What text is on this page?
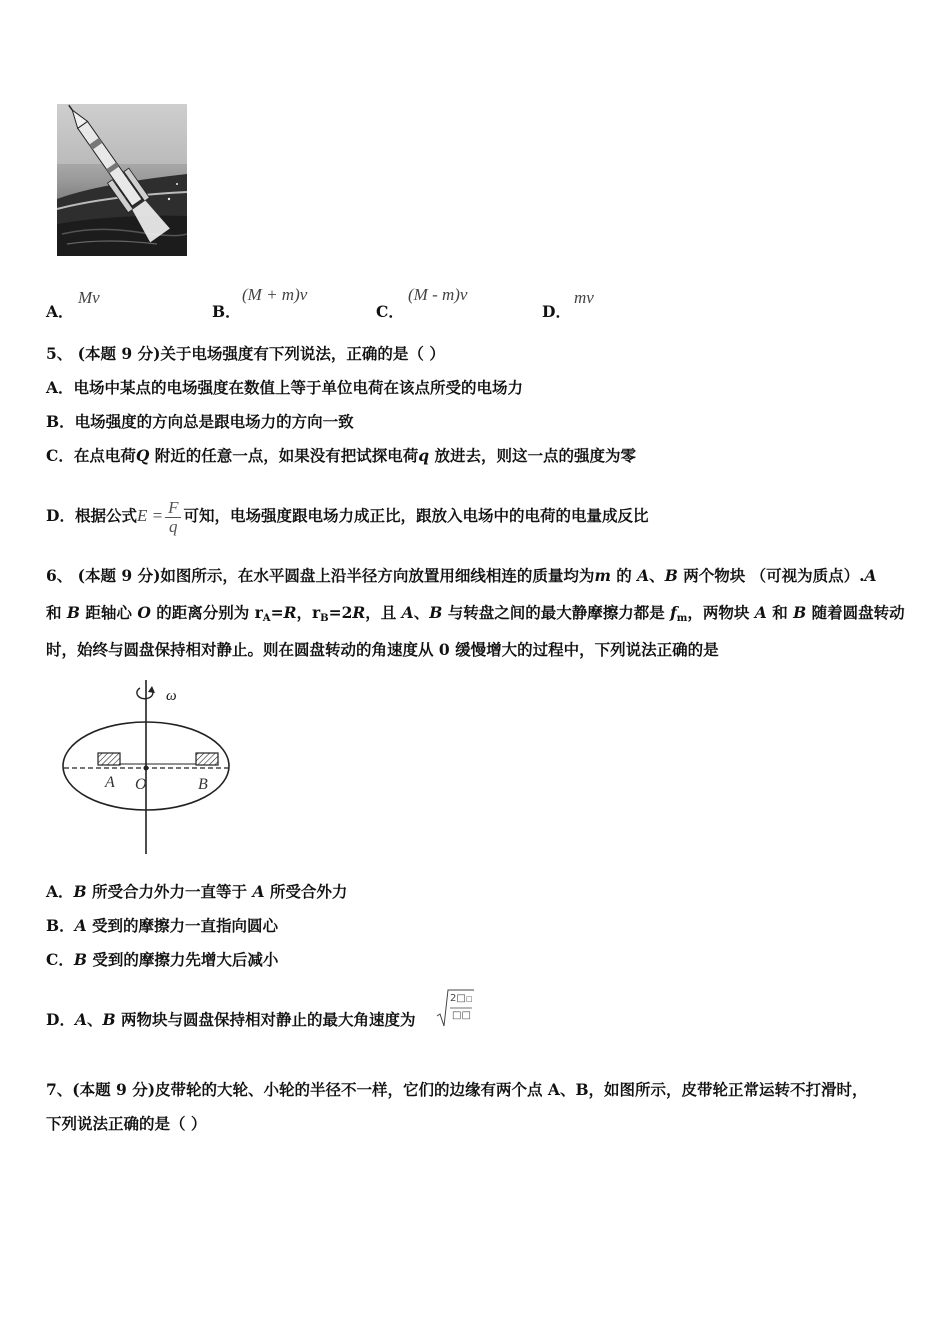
A．
Mv
B．
(M + m)v
C．
(M - m)v
D．
mv
5、 (本题 9 分)关于电场强度有下列说法，正确的是（ ）
A．电场中某点的电场强度在数值上等于单位电荷在该点所受的电场力
B．电场强度的方向总是跟电场力的方向一致
C．在点电荷Q 附近的任意一点，如果没有把试探电荷q 放进去，则这一点的强度为零
D．根据公式$E = \frac{F}{q}$ 可知，电场强度跟电场力成正比，跟放入电场中的电荷的电量成反比
6、 (本题 9 分)如图所示，在水平圆盘上沿半径方向放置用细线相连的质量均为m 的 A、B 两个物块 （可视为质点）.A
和 B 距轴心 O 的距离分别为 $r_A=R$，$r_B=2R$，且 A、B 与转盘之间的最大静摩擦力都是 $f_m$，两物块 A 和 B 随着圆盘转动
时，始终与圆盘保持相对静止。则在圆盘转动的角速度从 0 缓慢增大的过程中，下列说法正确的是
ω
A O	B
A．B 所受合力外力一直等于 A 所受合外力
B．A 受到的摩擦力一直指向圆心
C．B 受到的摩擦力先增大后减小
D．A、B 两物块与圆盘保持相对静止的最大角速度为
2□□
□□
7、(本题 9 分)皮带轮的大轮、小轮的半径不一样，它们的边缘有两个点 A、B，如图所示，皮带轮正常运转不打滑时，
下列说法正确的是（ ）
